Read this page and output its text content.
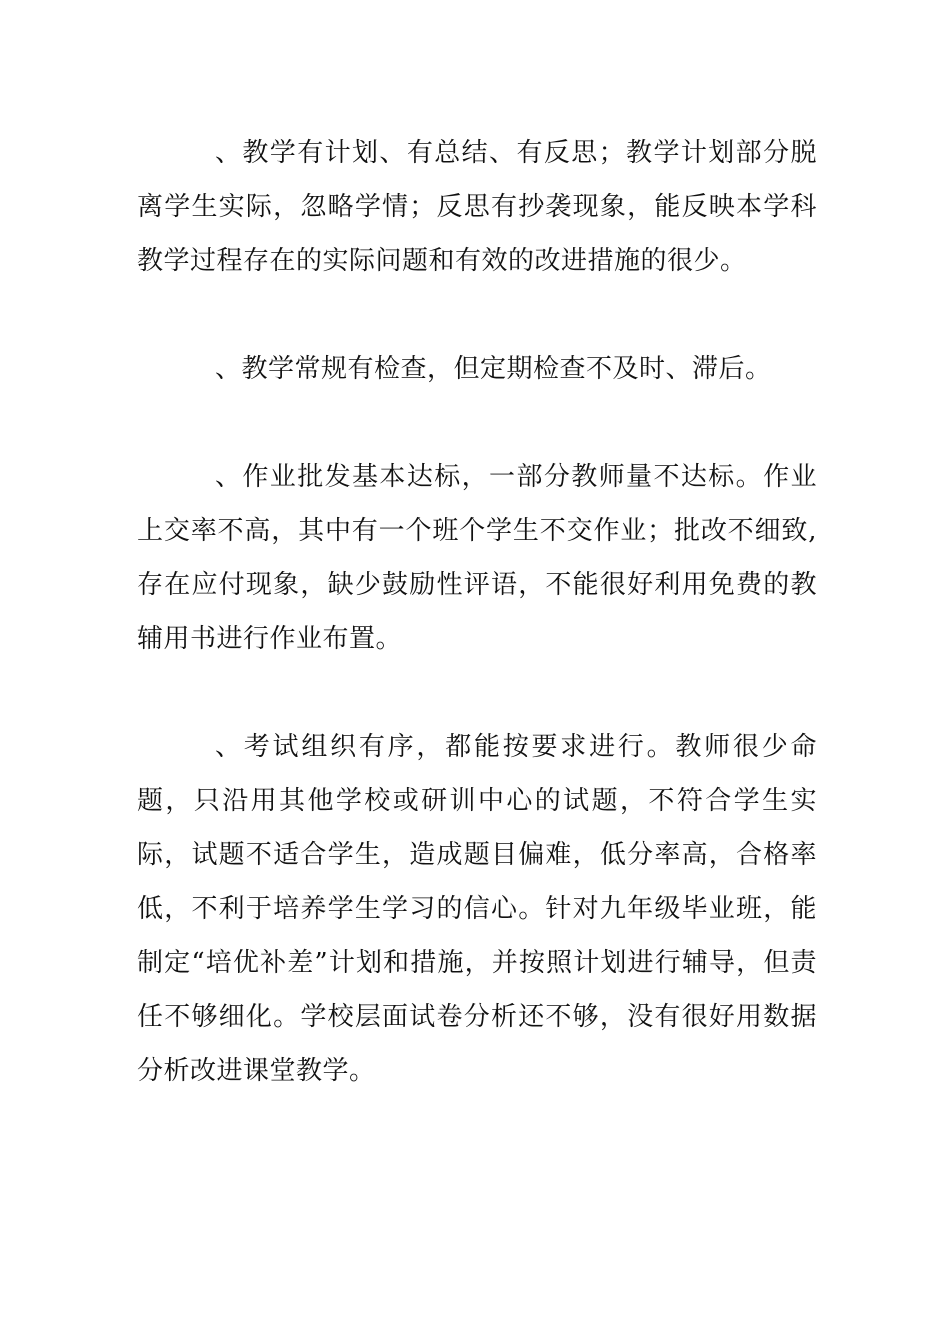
、教学有计划、有总结、有反思；教学计划部分脱离学生实际，忽略学情；反思有抄袭现象，能反映本学科教学过程存在的实际问题和有效的改进措施的很少。

、教学常规有检查，但定期检查不及时、滞后。

、作业批发基本达标，一部分教师量不达标。作业上交率不高，其中有一个班个学生不交作业；批改不细致,存在应付现象，缺少鼓励性评语，不能很好利用免费的教辅用书进行作业布置。

、考试组织有序，都能按要求进行。教师很少命题，只沿用其他学校或研训中心的试题，不符合学生实际，试题不适合学生，造成题目偏难，低分率高，合格率低，不利于培养学生学习的信心。针对九年级毕业班，能制定“培优补差”计划和措施，并按照计划进行辅导，但责任不够细化。学校层面试卷分析还不够，没有很好用数据分析改进课堂教学。
